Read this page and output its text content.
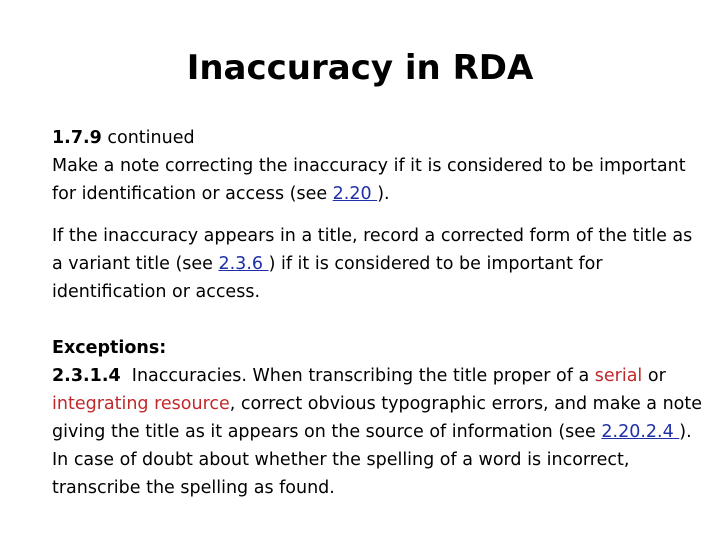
Inaccuracy in RDA

1.7.9 continued

Make a note correcting the inaccuracy if it is considered to be important for identification or access (see 2.20 ).

If the inaccuracy appears in a title, record a corrected form of the title as a variant title (see 2.3.6 ) if it is considered to be important for identification or access.

Exceptions:

2.3.1.4  Inaccuracies. When transcribing the title proper of a serial or integrating resource, correct obvious typographic errors, and make a note giving the title as it appears on the source of information (see 2.20.2.4 ). In case of doubt about whether the spelling of a word is incorrect, transcribe the spelling as found.
